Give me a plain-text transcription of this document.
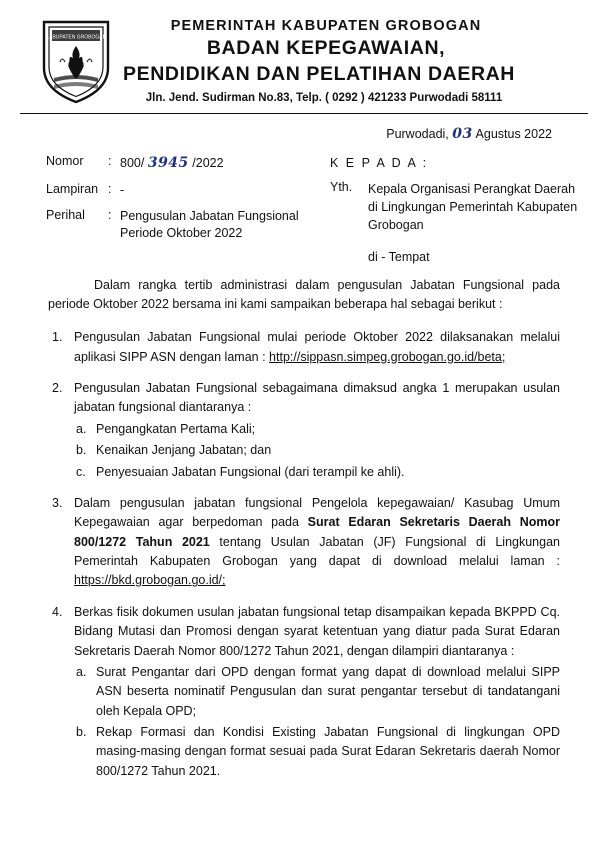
KABUPATEN GROBOGAN
PEMERINTAH KABUPATEN GROBOGAN
BADAN KEPEGAWAIAN,
PENDIDIKAN DAN PELATIHAN DAERAH
Jln. Jend. Sudirman No.83, Telp. ( 0292 ) 421233 Purwodadi 58111
Purwodadi, 03 Agustus 2022
Nomor	: 800/ 3945 /2022
Lampiran : -
Perihal	: Pengusulan Jabatan Fungsional
Periode Oktober 2022
K E P A D A :
Yth.	Kepala Organisasi Perangkat Daerah
di Lingkungan Pemerintah Kabupaten
Grobogan
di - Tempat
Dalam rangka tertib administrasi dalam pengusulan Jabatan Fungsional pada periode Oktober 2022 bersama ini kami sampaikan beberapa hal sebagai berikut :
Pengusulan Jabatan Fungsional mulai periode Oktober 2022 dilaksanakan melalui aplikasi SIPP ASN dengan laman : http://sippasn.simpeg.grobogan.go.id/beta;
Pengusulan Jabatan Fungsional sebagaimana dimaksud angka 1 merupakan usulan jabatan fungsional diantaranya :
Pengangkatan Pertama Kali;
Kenaikan Jenjang Jabatan; dan
Penyesuaian Jabatan Fungsional (dari terampil ke ahli).
Dalam pengusulan jabatan fungsional Pengelola kepegawaian/ Kasubag Umum Kepegawaian agar berpedoman pada Surat Edaran Sekretaris Daerah Nomor 800/1272 Tahun 2021 tentang Usulan Jabatan (JF) Fungsional di Lingkungan Pemerintah Kabupaten Grobogan yang dapat di download melalui laman : https://bkd.grobogan.go.id/;
Berkas fisik dokumen usulan jabatan fungsional tetap disampaikan kepada BKPPD Cq. Bidang Mutasi dan Promosi dengan syarat ketentuan yang diatur pada Surat Edaran Sekretaris Daerah Nomor 800/1272 Tahun 2021, dengan dilampiri diantaranya :
Surat Pengantar dari OPD dengan format yang dapat di download melalui SIPP ASN beserta nominatif Pengusulan dan surat pengantar tersebut di tandatangani oleh Kepala OPD;
Rekap Formasi dan Kondisi Existing Jabatan Fungsional di lingkungan OPD masing-masing dengan format sesuai pada Surat Edaran Sekretaris daerah Nomor 800/1272 Tahun 2021.
